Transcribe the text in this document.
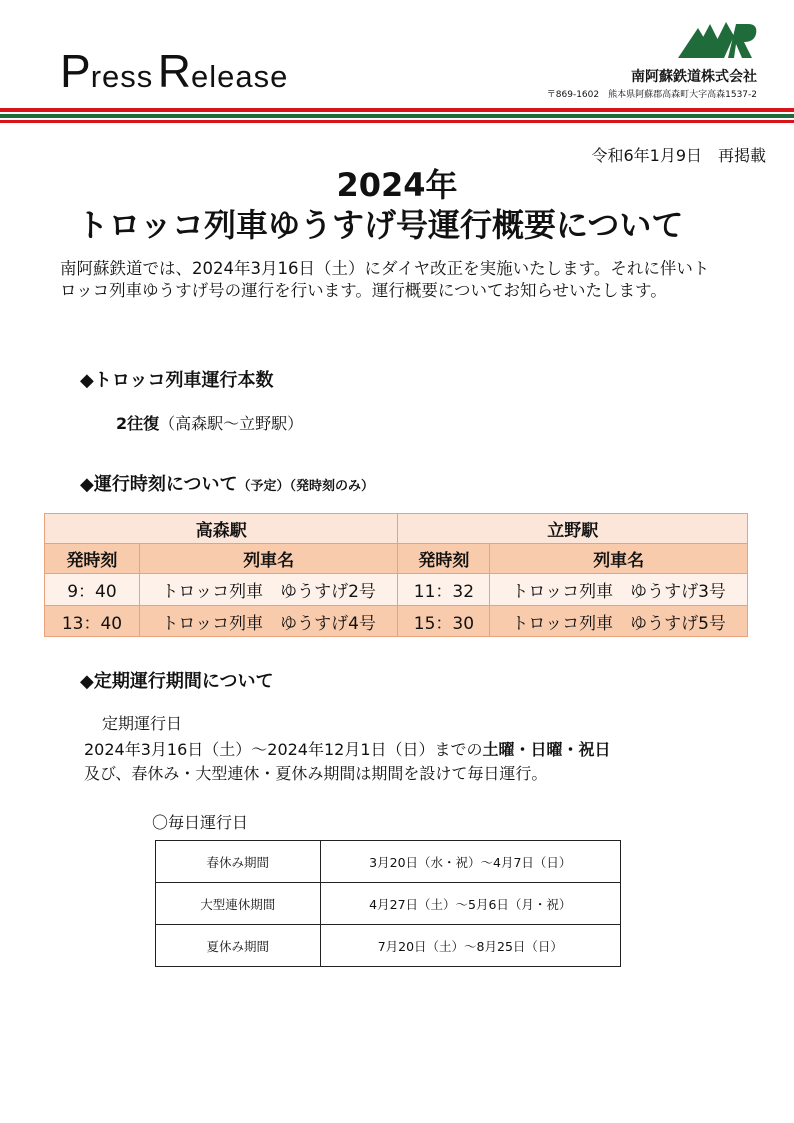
Press Release	南阿蘇鉄道株式会社
〒869-1602　熊本県阿蘇郡高森町大字高森1537-2
令和6年1月9日　再掲載
2024年
トロッコ列車ゆうすげ号運行概要について
南阿蘇鉄道では、2024年3月16日（土）にダイヤ改正を実施いたします。それに伴いトロッコ列車ゆうすげ号の運行を行います。運行概要についてお知らせいたします。
◆トロッコ列車運行本数
2往復（高森駅～立野駅）
◆運行時刻について（予定）（発時刻のみ）
高森駅		立野駅	
発時刻	列車名	発時刻	列車名
9：40	トロッコ列車　ゆうすげ2号	11：32	トロッコ列車　ゆうすげ3号
13：40	トロッコ列車　ゆうすげ4号	15：30	トロッコ列車　ゆうすげ5号
◆定期運行期間について
定期運行日
2024年3月16日（土）～2024年12月1日（日）までの土曜・日曜・祝日
及び、春休み・大型連休・夏休み期間は期間を設けて毎日運行。
〇毎日運行日
春休み期間	3月20日（水・祝）～4月7日（日）
大型連休期間	4月27日（土）～5月6日（月・祝）
夏休み期間	7月20日（土）～8月25日（日）
